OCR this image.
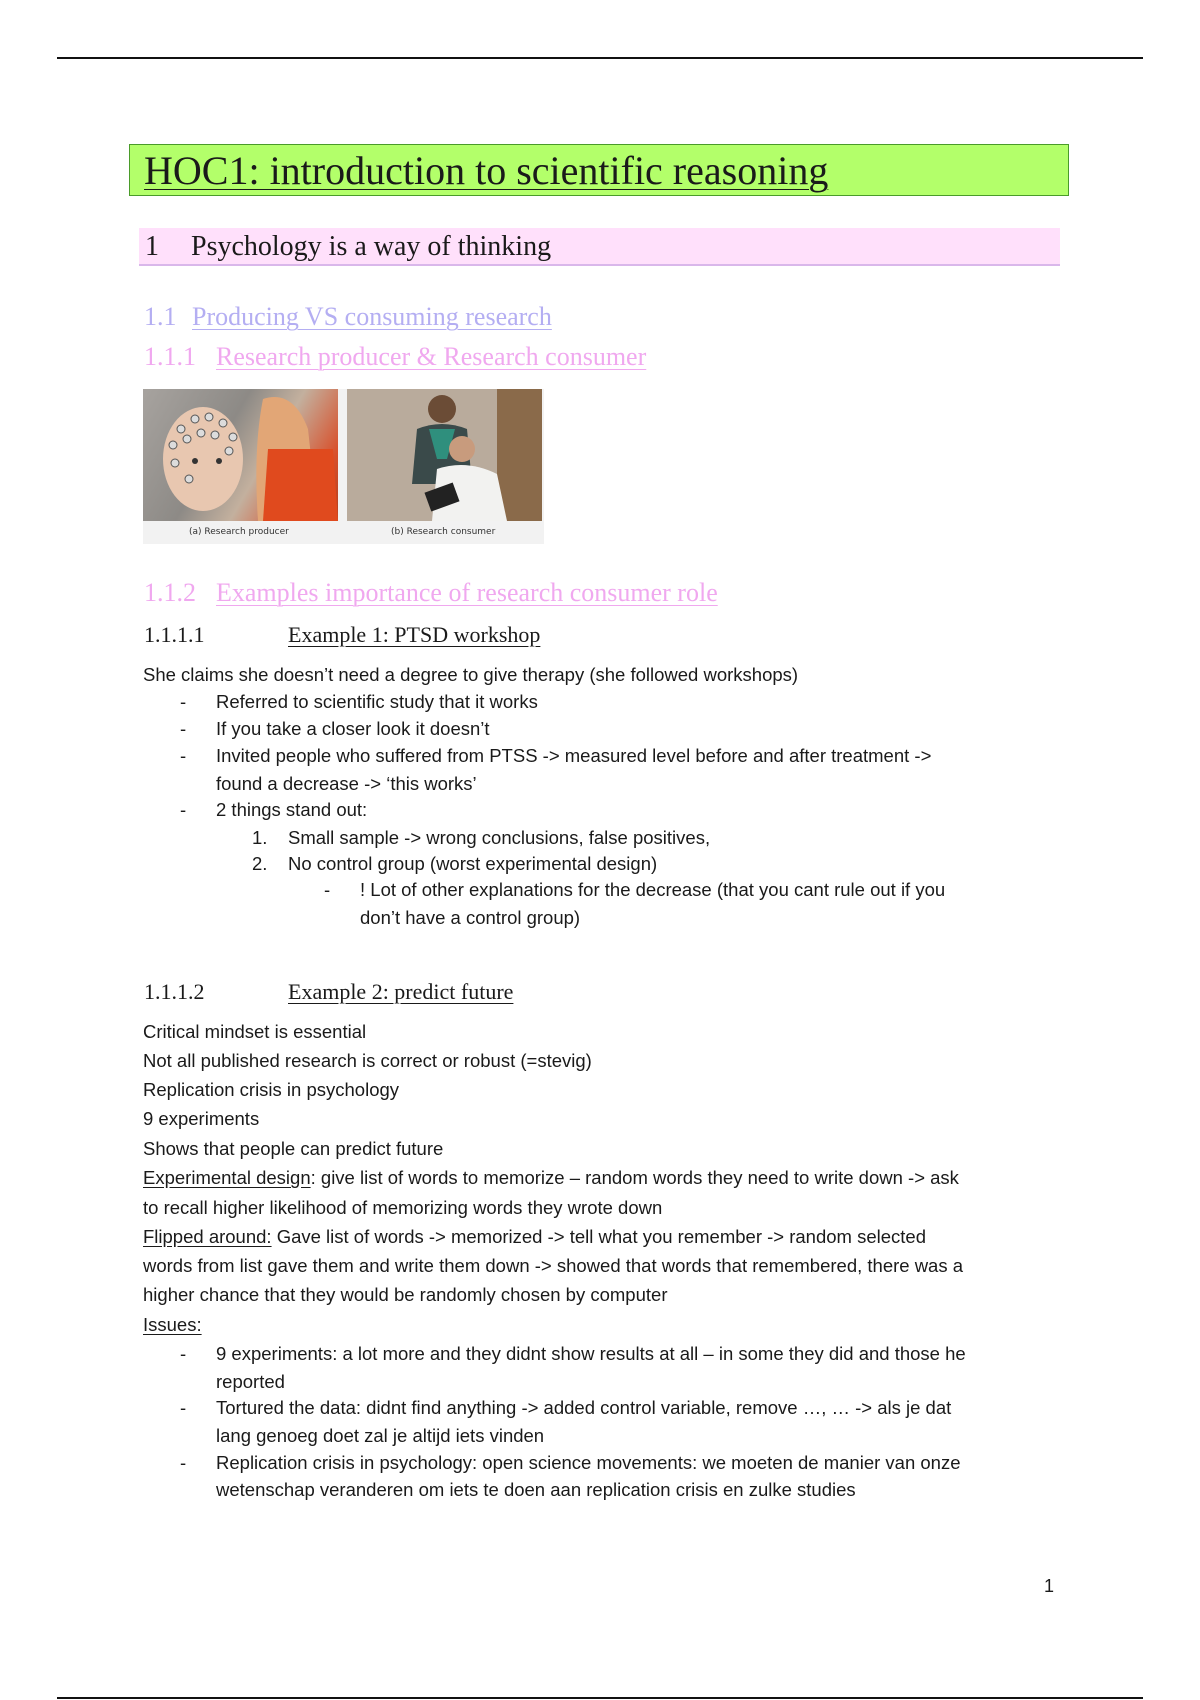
HOC1: introduction to scientific reasoning
1 Psychology is a way of thinking
1.1 Producing VS consuming research
1.1.1 Research producer & Research consumer
(a) Research producer	(b) Research consumer
1.1.2 Examples importance of research consumer role
1.1.1.1	Example 1: PTSD workshop
She claims she doesn’t need a degree to give therapy (she followed workshops)
- Referred to scientific study that it works
- If you take a closer look it doesn’t
- Invited people who suffered from PTSS -> measured level before and after treatment ->
found a decrease -> ‘this works’
- 2 things stand out:
1. Small sample -> wrong conclusions, false positives,
2. No control group (worst experimental design)
- ! Lot of other explanations for the decrease (that you cant rule out if you
don’t have a control group)
1.1.1.2	Example 2: predict future
Critical mindset is essential
Not all published research is correct or robust (=stevig)
Replication crisis in psychology
9 experiments
Shows that people can predict future
Experimental design: give list of words to memorize – random words they need to write down -> ask
to recall higher likelihood of memorizing words they wrote down
Flipped around: Gave list of words -> memorized -> tell what you remember -> random selected
words from list gave them and write them down -> showed that words that remembered, there was a
higher chance that they would be randomly chosen by computer
Issues:
- 9 experiments: a lot more and they didnt show results at all – in some they did and those he
reported
- Tortured the data: didnt find anything -> added control variable, remove …, … -> als je dat
lang genoeg doet zal je altijd iets vinden
- Replication crisis in psychology: open science movements: we moeten de manier van onze
wetenschap veranderen om iets te doen aan replication crisis en zulke studies
1
